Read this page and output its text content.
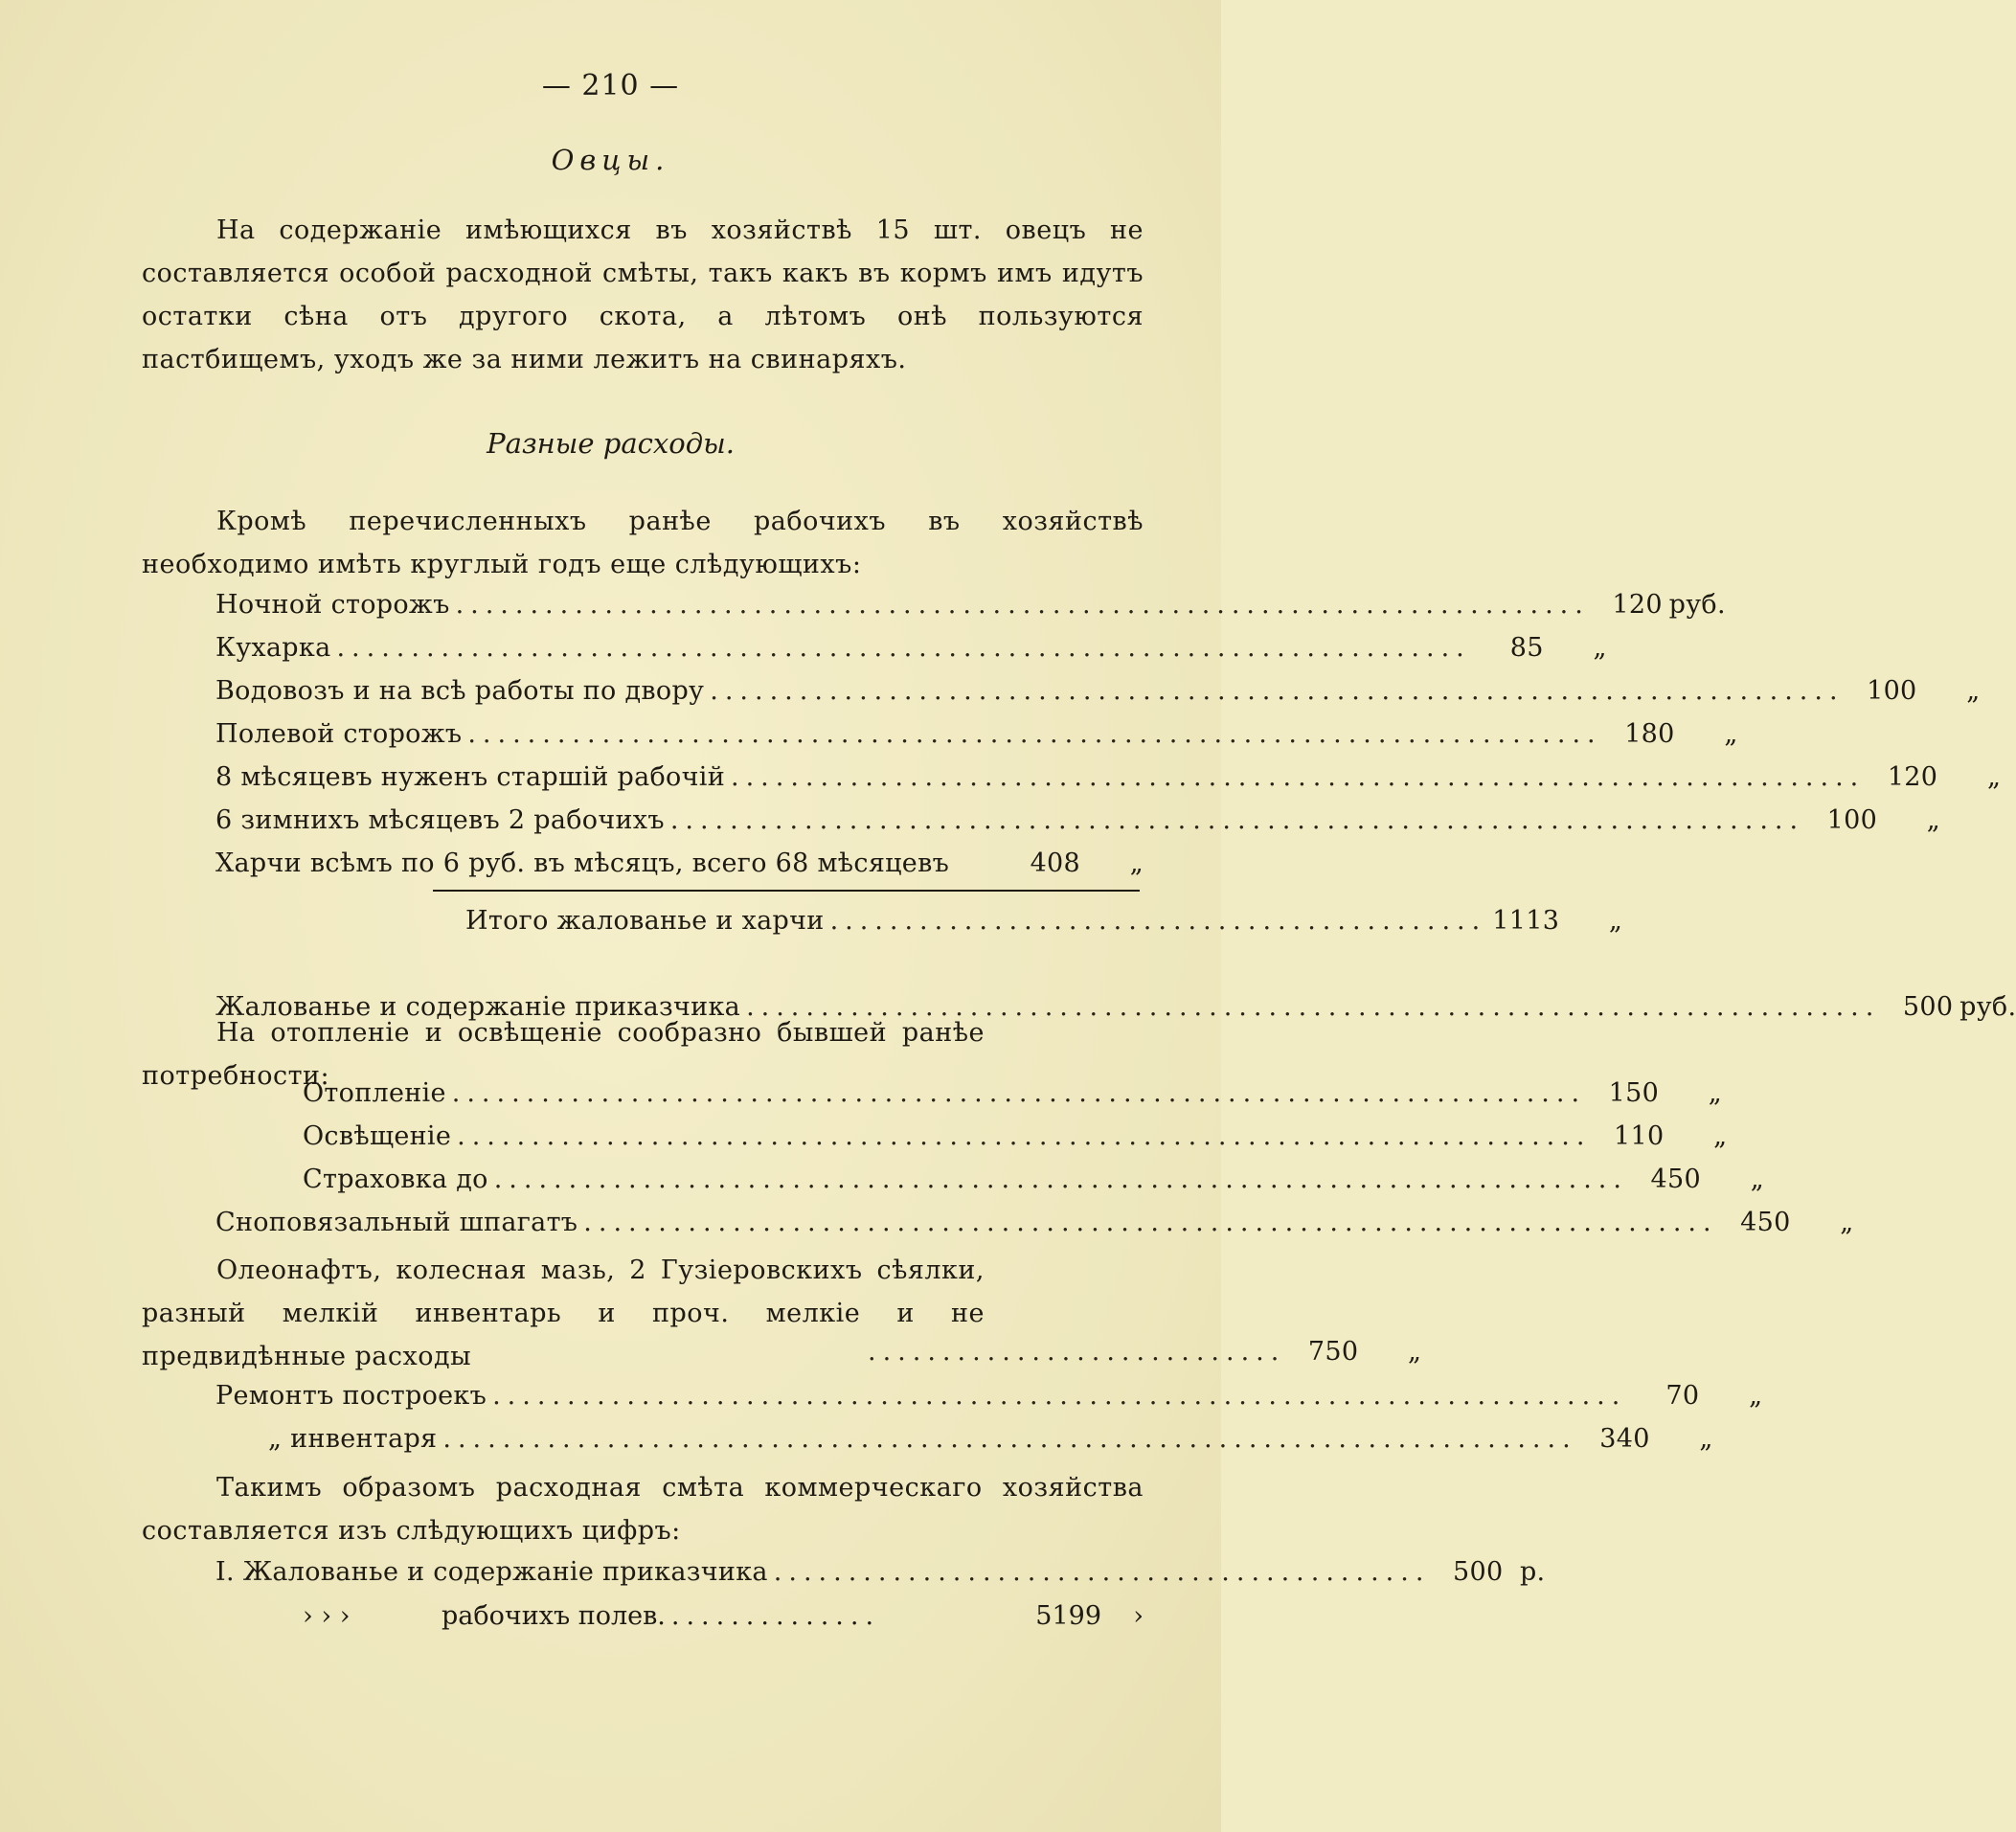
— 210 —
Овцы.
На содержанiе имѣющихся въ хозяйствѣ 15 шт. овецъ не составляется особой расходной смѣты, такъ какъ въ кормъ имъ идутъ остатки сѣна отъ другого скота, а лѣтомъ онѣ пользуются пастбищемъ, уходъ же за ними лежитъ на свинаряхъ.
Разные расходы.
Кромѣ перечисленныхъ ранѣе рабочихъ въ хозяйствѣ необходимо имѣть круглый годъ еще слѣдующихъ:
Ночной сторожъ ............................................................................ 120 руб.
Кухарка ............................................................................	85	„
Водовозъ и на всѣ работы по двору ............................................................................ 100	„
Полевой сторожъ ............................................................................ 180	„
8 мѣсяцевъ нуженъ старшiй рабочiй ............................................................................ 120	„
6 зимнихъ мѣсяцевъ 2 рабочихъ ............................................................................ 100	„
Харчи всѣмъ по 6 руб. въ мѣсяцъ, всего 68 мѣсяцевъ	408	„
Итого жалованье и харчи ............................................ 1113	„
Жалованье и содержанiе приказчика ............................................................................ 500 руб.
На отопленiе и освѣщенiе сообразно бывшей ранѣе потребности:
Отопленiе ............................................................................ 150	„
Освѣщенiе ............................................................................ 110	„
Страховка до ............................................................................ 450	„
Сноповязальный шпагатъ ............................................................................ 450	„
Олеонафтъ, колесная мазь, 2 Гузiеровскихъ сѣялки, разный мелкiй инвентарь и проч. мелкiе и не предвидѣнные расходы	............................ 750	„
Ремонтъ построекъ ............................................................................	70	„
„ инвентаря ............................................................................ 340	„
Такимъ образомъ расходная смѣта коммерческаго хозяйства составляется изъ слѣдующихъ цифръ:
I. Жалованье и содержанiе приказчика ............................................ 500 р.
› › ›	рабочихъ полев. ..............	5199	›
